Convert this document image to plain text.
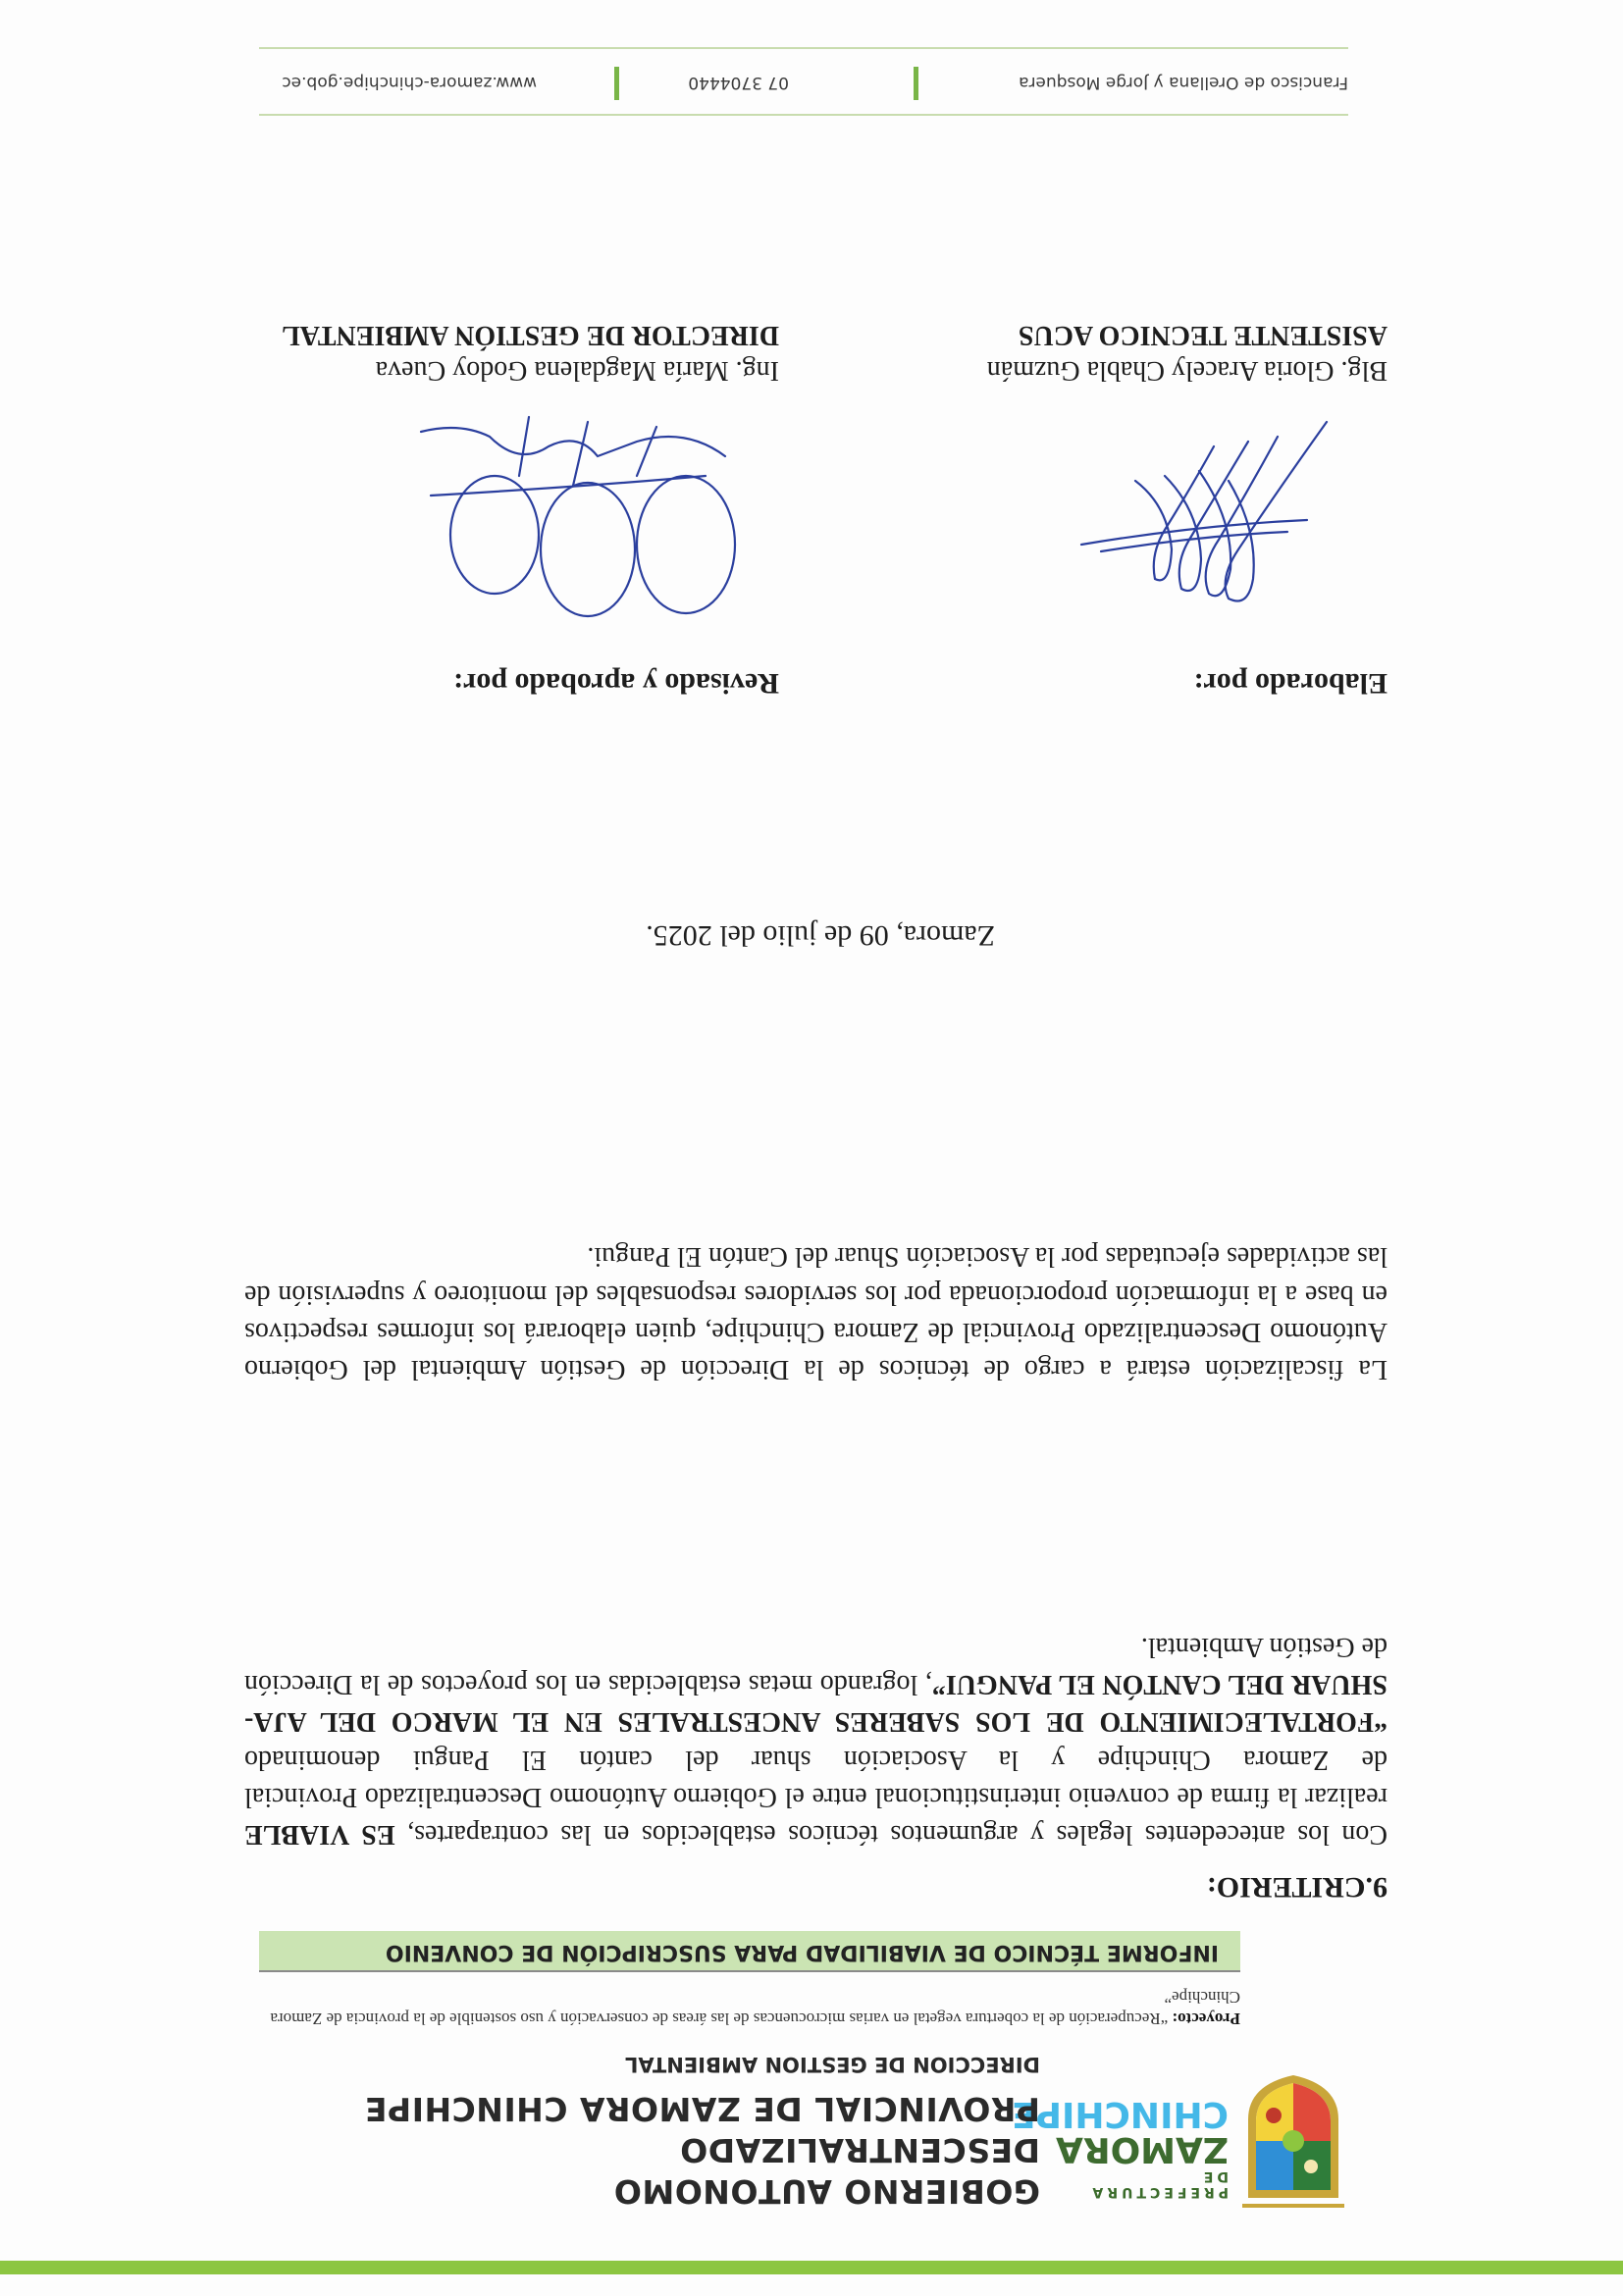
PREFECTURA DE
ZAMORA
CHINCHIPE
GOBIERNO AUTONOMO DESCENTRALIZADO
PROVINCIAL DE ZAMORA CHINCHIPE
DIRECCION DE GESTION AMBIENTAL
Proyecto: “Recuperación de la cobertura vegetal en varias microcuencas de las áreas de conservación y uso sostenible de la provincia de Zamora Chinchipe”
INFORME TÉCNICO DE VIABILIDAD PARA SUSCRIPCIÓN DE CONVENIO
9.CRITERIO:
Con los antecedentes legales y argumentos técnicos establecidos en las contrapartes, ES VIABLE realizar la firma de convenio interinstitucional entre el Gobierno Autónomo Descentralizado Provincial de Zamora Chinchipe y la Asociación shuar del cantón El Pangui denominado “FORTALECIMIENTO DE LOS SABERES ANCESTRALES EN EL MARCO DEL AJA-SHUAR DEL CANTÓN EL PANGUI”, logrando metas establecidas en los proyectos de la Dirección de Gestión Ambiental.
La fiscalización estará a cargo de técnicos de la Dirección de Gestión Ambiental del Gobierno Autónomo Descentralizado Provincial de Zamora Chinchipe, quien elaborará los informes respectivos en base a la información proporcionada por los servidores responsables del monitoreo y supervisión de las actividades ejecutadas por la Asociación Shuar del Cantón El Pangui.
Zamora, 09 de julio del 2025.
Elaborado por:
Revisado y aprobado por:
Blg. Gloria Aracely Chabla Guzmán
ASISTENTE TECNICO ACUS
Ing. María Magdalena Godoy Cueva
DIRECTOR DE GESTIÓN AMBIENTAL
Francisco de Orellana y Jorge Mosquera
07 3704440
www.zamora-chinchipe.gob.ec
